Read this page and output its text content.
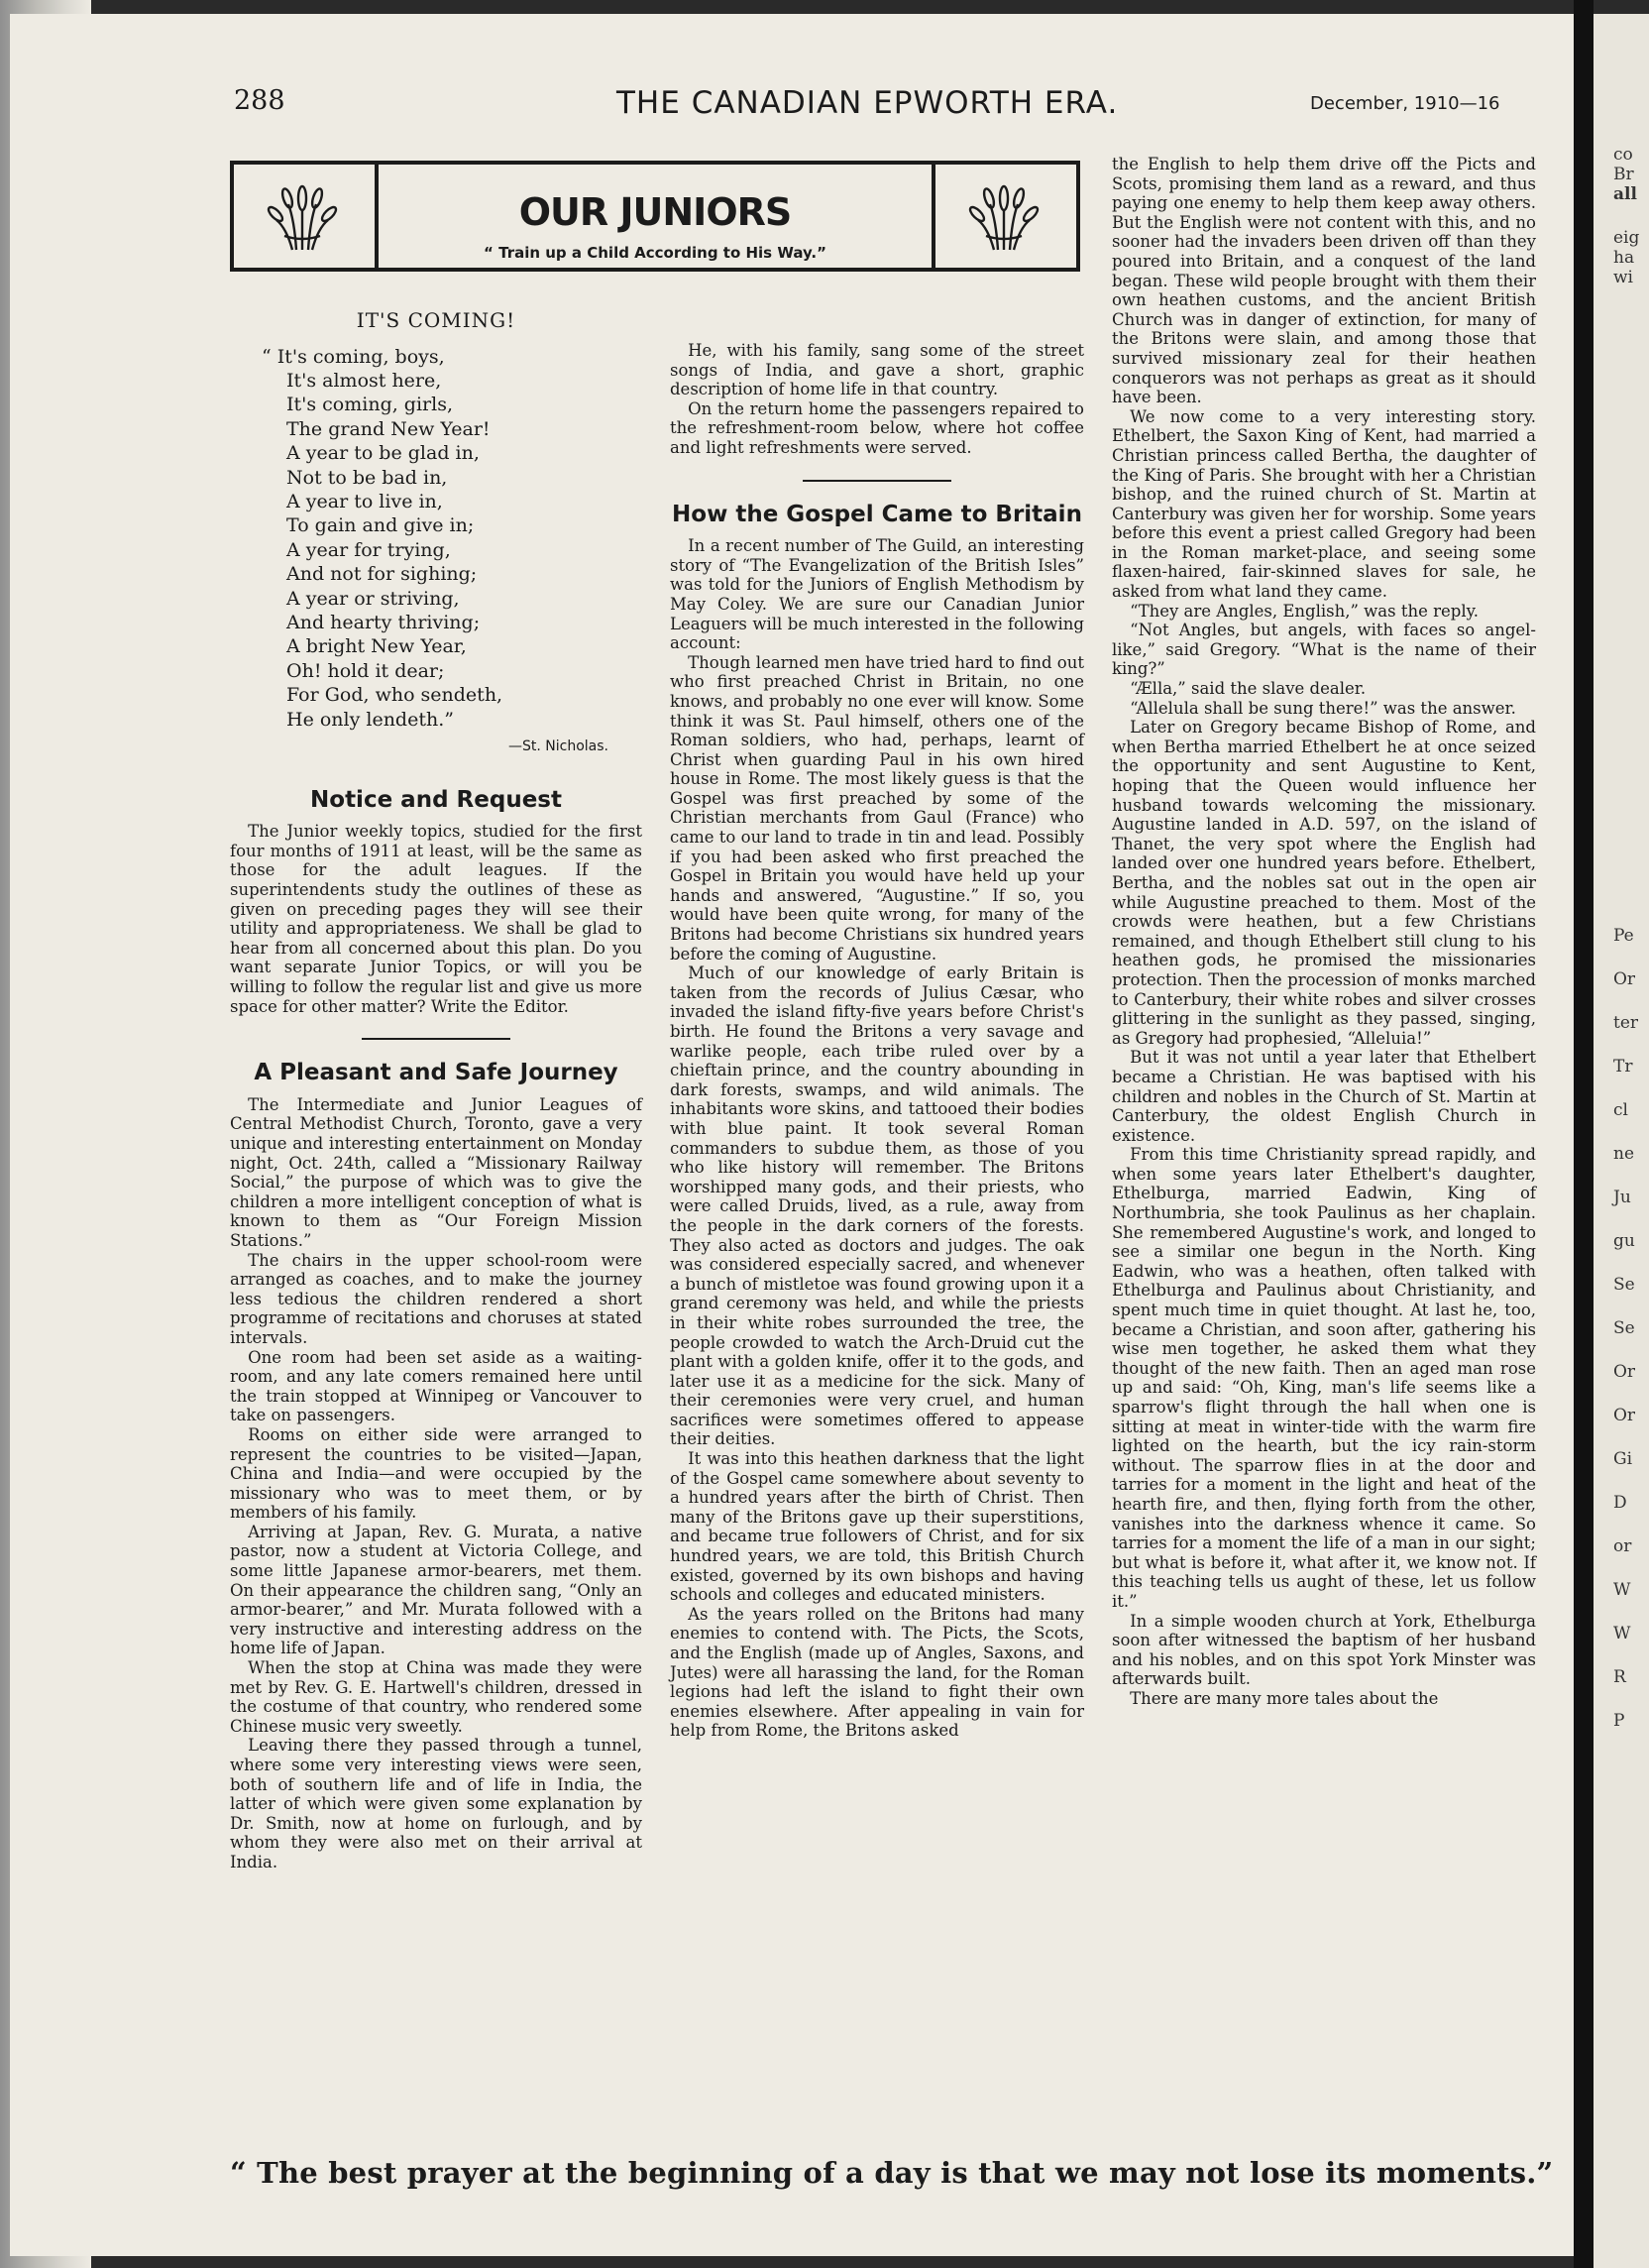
288	THE CANADIAN EPWORTH ERA.	December, 1910—16
OUR JUNIORS
“ Train up a Child According to His Way.”
IT'S COMING!
“ It's coming, boys,
It's almost here,
It's coming, girls,
The grand New Year!
A year to be glad in,
Not to be bad in,
A year to live in,
To gain and give in;
A year for trying,
And not for sighing;
A year or striving,
And hearty thriving;
A bright New Year,
Oh! hold it dear;
For God, who sendeth,
He only lendeth.”
—St. Nicholas.
Notice and Request

The Junior weekly topics, studied for the first four months of 1911 at least, will be the same as those for the adult leagues. If the superintendents study the outlines of these as given on preceding pages they will see their utility and appropriateness. We shall be glad to hear from all concerned about this plan. Do you want separate Junior Topics, or will you be willing to follow the regular list and give us more space for other matter? Write the Editor.

A Pleasant and Safe Journey

The Intermediate and Junior Leagues of Central Methodist Church, Toronto, gave a very unique and interesting entertainment on Monday night, Oct. 24th, called a “Missionary Railway Social,” the purpose of which was to give the children a more intelligent conception of what is known to them as “Our Foreign Mission Stations.”

The chairs in the upper school-room were arranged as coaches, and to make the journey less tedious the children rendered a short programme of recitations and choruses at stated intervals.

One room had been set aside as a waiting-room, and any late comers remained here until the train stopped at Winnipeg or Vancouver to take on passengers.

Rooms on either side were arranged to represent the countries to be visited—Japan, China and India—and were occupied by the missionary who was to meet them, or by members of his family.

Arriving at Japan, Rev. G. Murata, a native pastor, now a student at Victoria College, and some little Japanese armor-bearers, met them. On their appearance the children sang, “Only an armor-bearer,” and Mr. Murata followed with a very instructive and interesting address on the home life of Japan.

When the stop at China was made they were met by Rev. G. E. Hartwell's children, dressed in the costume of that country, who rendered some Chinese music very sweetly.

Leaving there they passed through a tunnel, where some very interesting views were seen, both of southern life and of life in India, the latter of which were given some explanation by Dr. Smith, now at home on furlough, and by whom they were also met on their arrival at India.

He, with his family, sang some of the street songs of India, and gave a short, graphic description of home life in that country.

On the return home the passengers repaired to the refreshment-room below, where hot coffee and light refreshments were served.

How the Gospel Came to Britain

In a recent number of The Guild, an interesting story of “The Evangelization of the British Isles” was told for the Juniors of English Methodism by May Coley. We are sure our Canadian Junior Leaguers will be much interested in the following account:

Though learned men have tried hard to find out who first preached Christ in Britain, no one knows, and probably no one ever will know. Some think it was St. Paul himself, others one of the Roman soldiers, who had, perhaps, learnt of Christ when guarding Paul in his own hired house in Rome. The most likely guess is that the Gospel was first preached by some of the Christian merchants from Gaul (France) who came to our land to trade in tin and lead. Possibly if you had been asked who first preached the Gospel in Britain you would have held up your hands and answered, “Augustine.” If so, you would have been quite wrong, for many of the Britons had become Christians six hundred years before the coming of Augustine.

Much of our knowledge of early Britain is taken from the records of Julius Cæsar, who invaded the island fifty-five years before Christ's birth. He found the Britons a very savage and warlike people, each tribe ruled over by a chieftain prince, and the country abounding in dark forests, swamps, and wild animals. The inhabitants wore skins, and tattooed their bodies with blue paint. It took several Roman commanders to subdue them, as those of you who like history will remember. The Britons worshipped many gods, and their priests, who were called Druids, lived, as a rule, away from the people in the dark corners of the forests. They also acted as doctors and judges. The oak was considered especially sacred, and whenever a bunch of mistletoe was found growing upon it a grand ceremony was held, and while the priests in their white robes surrounded the tree, the people crowded to watch the Arch-Druid cut the plant with a golden knife, offer it to the gods, and later use it as a medicine for the sick. Many of their ceremonies were very cruel, and human sacrifices were sometimes offered to appease their deities.

It was into this heathen darkness that the light of the Gospel came somewhere about seventy to a hundred years after the birth of Christ. Then many of the Britons gave up their superstitions, and became true followers of Christ, and for six hundred years, we are told, this British Church existed, governed by its own bishops and having schools and colleges and educated ministers.

As the years rolled on the Britons had many enemies to contend with. The Picts, the Scots, and the English (made up of Angles, Saxons, and Jutes) were all harassing the land, for the Roman legions had left the island to fight their own enemies elsewhere. After appealing in vain for help from Rome, the Britons asked

the English to help them drive off the Picts and Scots, promising them land as a reward, and thus paying one enemy to help them keep away others. But the English were not content with this, and no sooner had the invaders been driven off than they poured into Britain, and a conquest of the land began. These wild people brought with them their own heathen customs, and the ancient British Church was in danger of extinction, for many of the Britons were slain, and among those that survived missionary zeal for their heathen conquerors was not perhaps as great as it should have been.

We now come to a very interesting story. Ethelbert, the Saxon King of Kent, had married a Christian princess called Bertha, the daughter of the King of Paris. She brought with her a Christian bishop, and the ruined church of St. Martin at Canterbury was given her for worship. Some years before this event a priest called Gregory had been in the Roman market-place, and seeing some flaxen-haired, fair-skinned slaves for sale, he asked from what land they came.

“They are Angles, English,” was the reply.

“Not Angles, but angels, with faces so angel-like,” said Gregory. “What is the name of their king?”

“Ælla,” said the slave dealer.

“Allelula shall be sung there!” was the answer.

Later on Gregory became Bishop of Rome, and when Bertha married Ethelbert he at once seized the opportunity and sent Augustine to Kent, hoping that the Queen would influence her husband towards welcoming the missionary. Augustine landed in A.D. 597, on the island of Thanet, the very spot where the English had landed over one hundred years before. Ethelbert, Bertha, and the nobles sat out in the open air while Augustine preached to them. Most of the crowds were heathen, but a few Christians remained, and though Ethelbert still clung to his heathen gods, he promised the missionaries protection. Then the procession of monks marched to Canterbury, their white robes and silver crosses glittering in the sunlight as they passed, singing, as Gregory had prophesied, “Alleluia!”

But it was not until a year later that Ethelbert became a Christian. He was baptised with his children and nobles in the Church of St. Martin at Canterbury, the oldest English Church in existence.

From this time Christianity spread rapidly, and when some years later Ethelbert's daughter, Ethelburga, married Eadwin, King of Northumbria, she took Paulinus as her chaplain. She remembered Augustine's work, and longed to see a similar one begun in the North. King Eadwin, who was a heathen, often talked with Ethelburga and Paulinus about Christianity, and spent much time in quiet thought. At last he, too, became a Christian, and soon after, gathering his wise men together, he asked them what they thought of the new faith. Then an aged man rose up and said: “Oh, King, man's life seems like a sparrow's flight through the hall when one is sitting at meat in winter-tide with the warm fire lighted on the hearth, but the icy rain-storm without. The sparrow flies in at the door and tarries for a moment in the light and heat of the hearth fire, and then, flying forth from the other, vanishes into the darkness whence it came. So tarries for a moment the life of a man in our sight; but what is before it, what after it, we know not. If this teaching tells us aught of these, let us follow it.”

In a simple wooden church at York, Ethelburga soon after witnessed the baptism of her husband and his nobles, and on this spot York Minster was afterwards built.

There are many more tales about the

“ The best prayer at the beginning of a day is that we may not lose its moments.”
co
Br
all
eig
ha
wi
Pe
Or
ter
Tr
cl
ne
Ju
gu
Se
Se
Or
Or
Gi
D
or
W
W
R
P
